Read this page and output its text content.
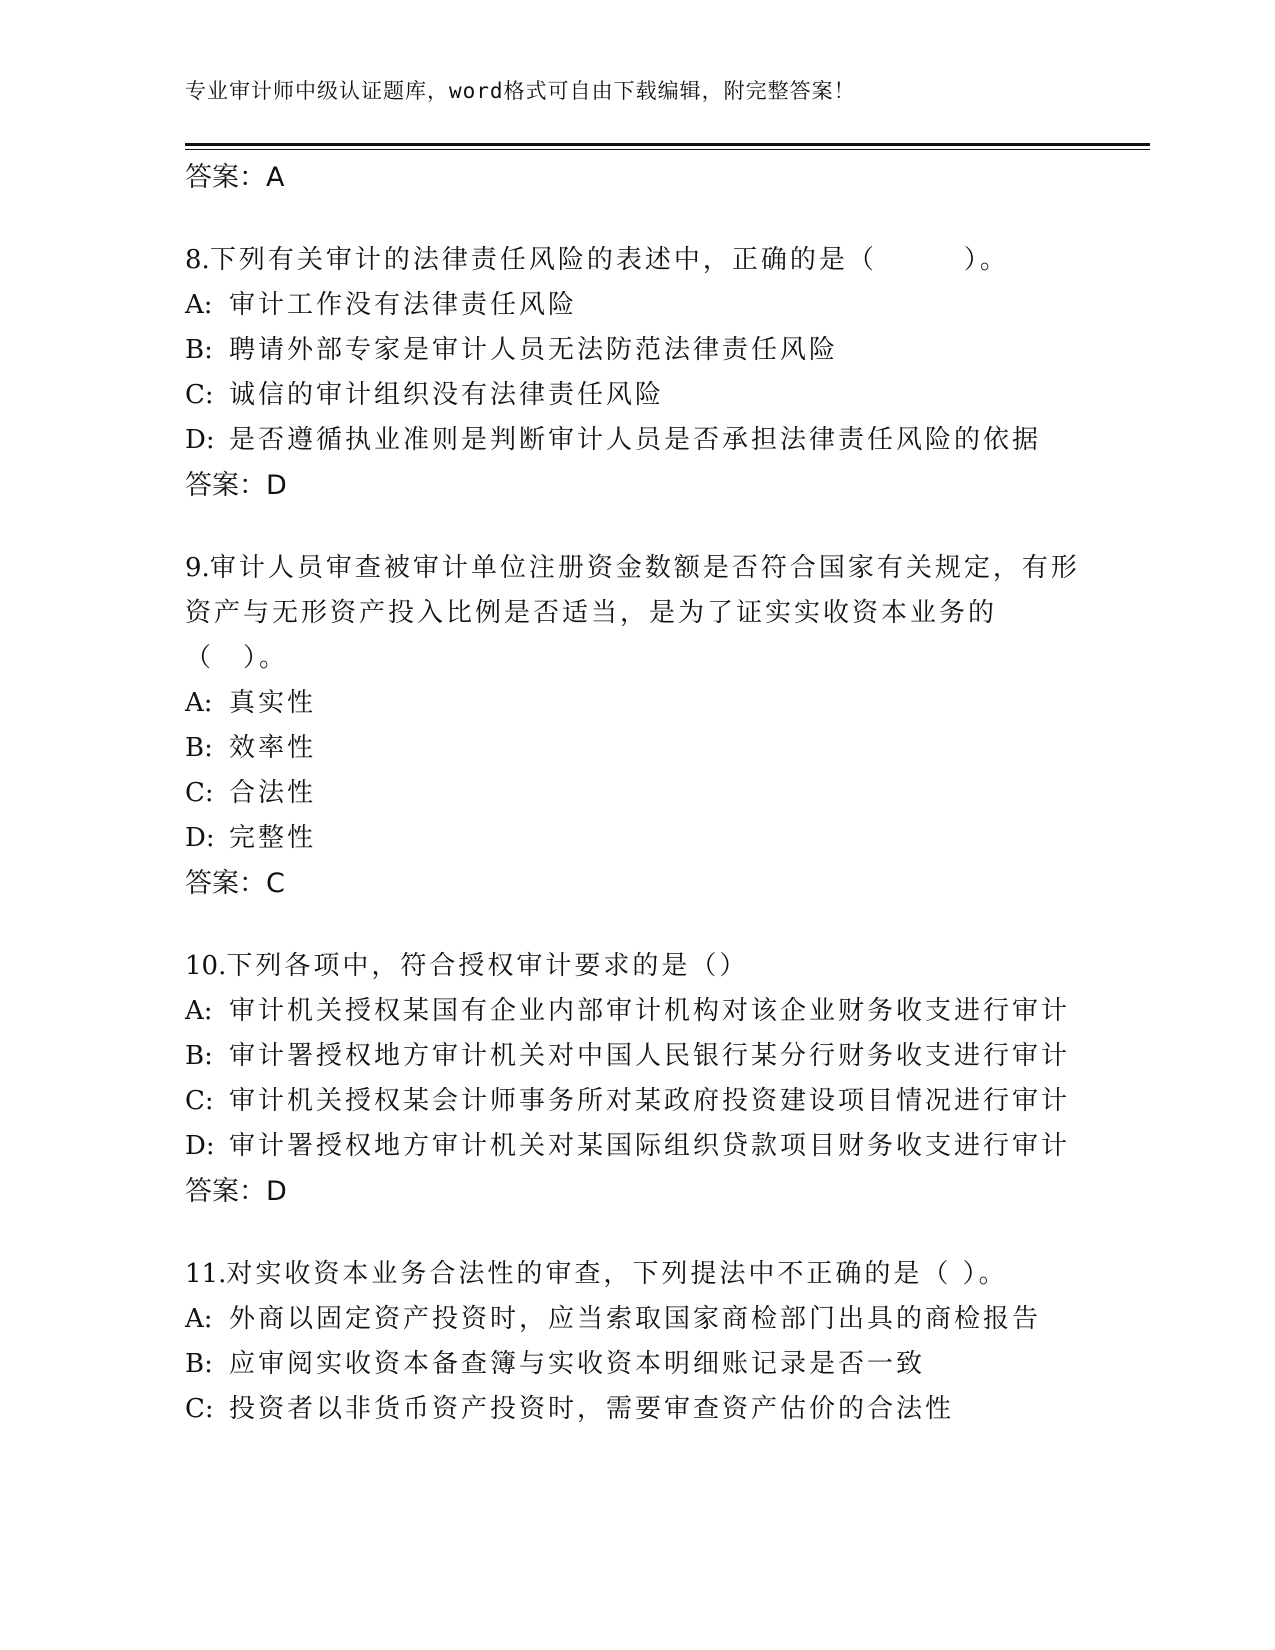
专业审计师中级认证题库，word格式可自由下载编辑，附完整答案！
答案：A
8.下列有关审计的法律责任风险的表述中，正确的是（　　　）。
A: 审计工作没有法律责任风险
B: 聘请外部专家是审计人员无法防范法律责任风险
C: 诚信的审计组织没有法律责任风险
D: 是否遵循执业准则是判断审计人员是否承担法律责任风险的依据
答案：D
9.审计人员审查被审计单位注册资金数额是否符合国家有关规定，有形资产与无形资产投入比例是否适当，是为了证实实收资本业务的（　）。
A: 真实性
B: 效率性
C: 合法性
D: 完整性
答案：C
10.下列各项中，符合授权审计要求的是（）
A: 审计机关授权某国有企业内部审计机构对该企业财务收支进行审计
B: 审计署授权地方审计机关对中国人民银行某分行财务收支进行审计
C: 审计机关授权某会计师事务所对某政府投资建设项目情况进行审计
D: 审计署授权地方审计机关对某国际组织贷款项目财务收支进行审计
答案：D
11.对实收资本业务合法性的审查，下列提法中不正确的是（ ）。
A: 外商以固定资产投资时，应当索取国家商检部门出具的商检报告
B: 应审阅实收资本备查簿与实收资本明细账记录是否一致
C: 投资者以非货币资产投资时，需要审查资产估价的合法性
